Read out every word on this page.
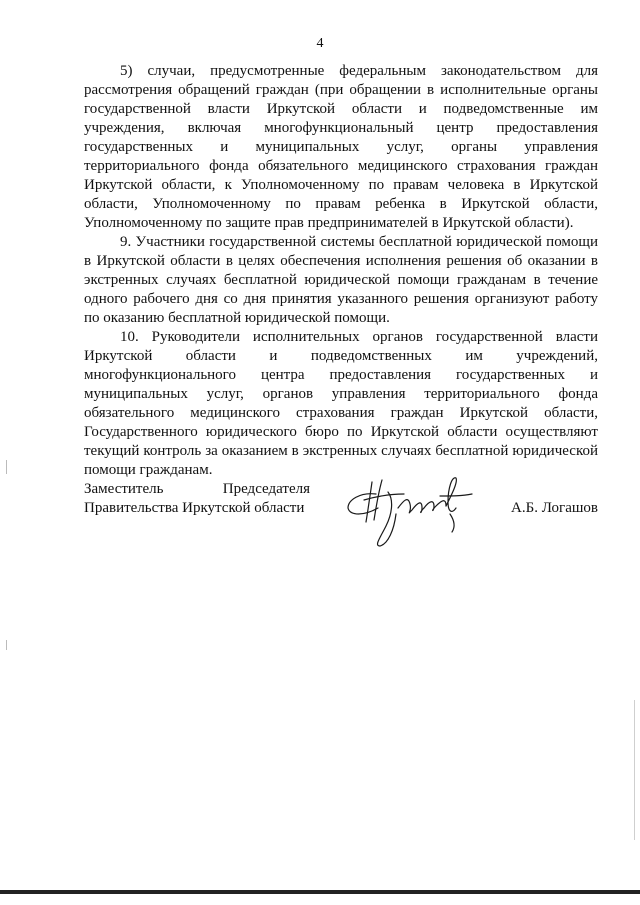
4

5) случаи, предусмотренные федеральным законодательством для рассмотрения обращений граждан (при обращении в исполнительные органы государственной власти Иркутской области и подведомственные им учреждения, включая многофункциональный центр предоставления государственных и муниципальных услуг, органы управления территориального фонда обязательного медицинского страхования граждан Иркутской области, к Уполномоченному по правам человека в Иркутской области, Уполномоченному по правам ребенка в Иркутской области, Уполномоченному по защите прав предпринимателей в Иркутской области).

9. Участники государственной системы бесплатной юридической помощи в Иркутской области в целях обеспечения исполнения решения об оказании в экстренных случаях бесплатной юридической помощи гражданам в течение одного рабочего дня со дня принятия указанного решения организуют работу по оказанию бесплатной юридической помощи.

10. Руководители исполнительных органов государственной власти Иркутской области и подведомственных им учреждений, многофункционального центра предоставления государственных и муниципальных услуг, органов управления территориального фонда обязательного медицинского страхования граждан Иркутской области, Государственного юридического бюро по Иркутской области осуществляют текущий контроль за оказанием в экстренных случаях бесплатной юридической помощи гражданам.

Заместитель	Председателя
Правительства Иркутской области	А.Б. Логашов
